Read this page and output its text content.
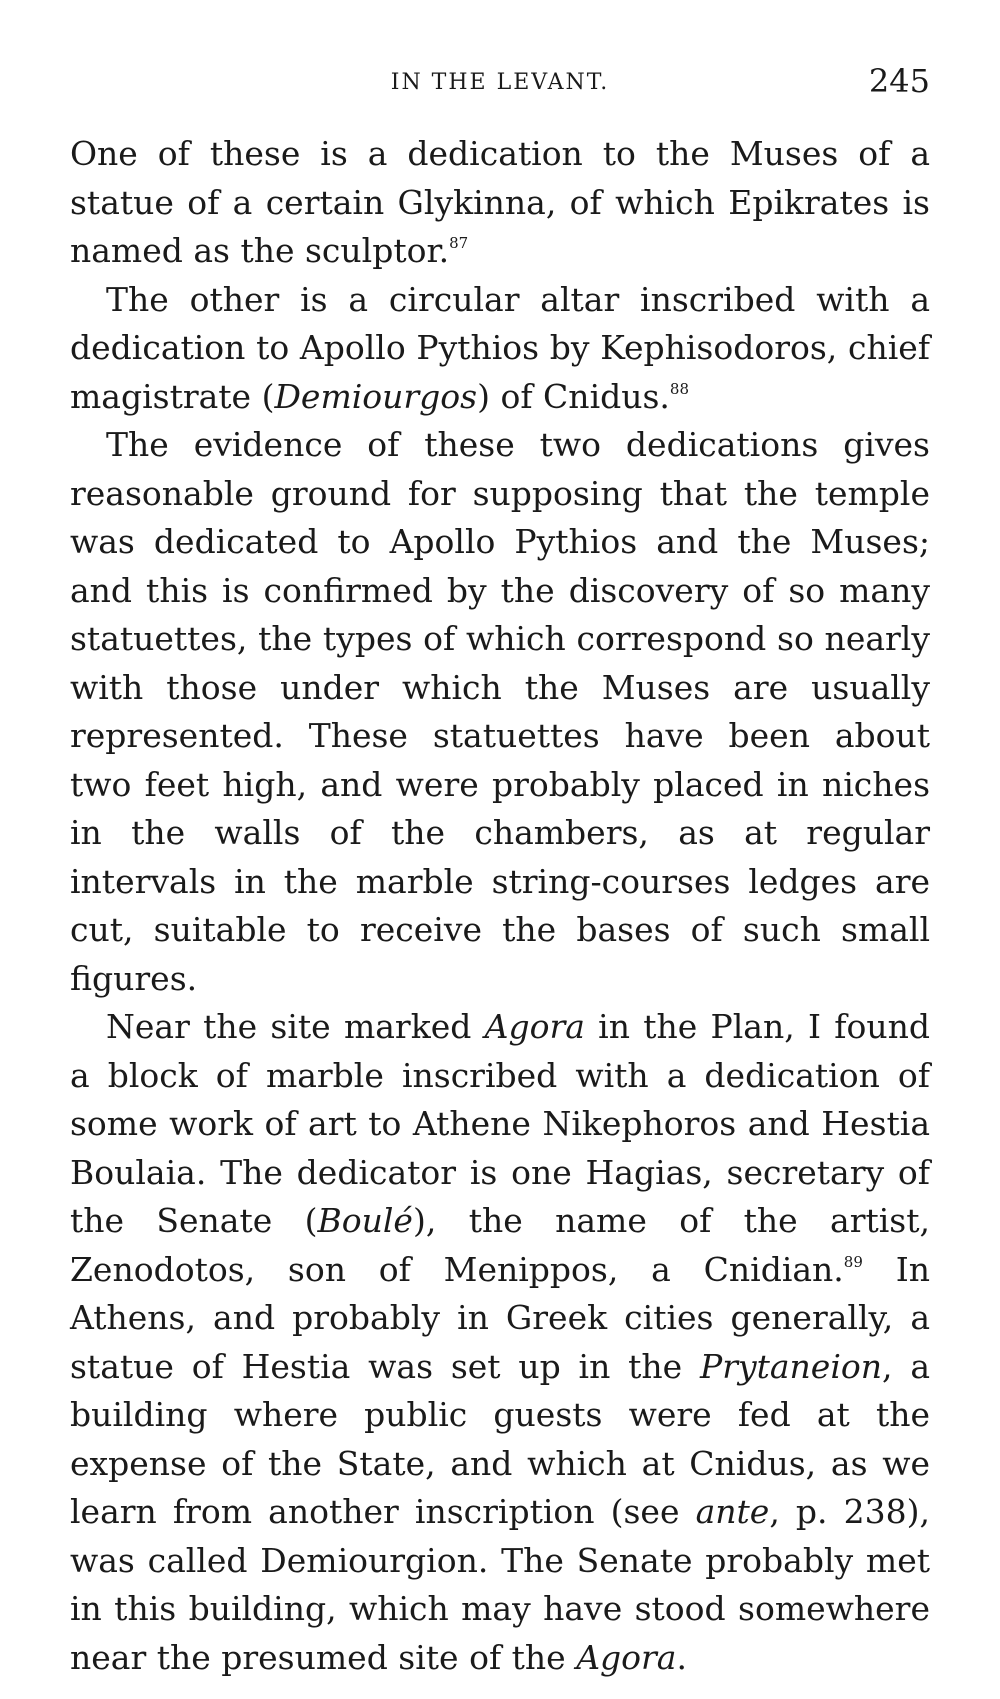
IN THE LEVANT.	245

One of these is a dedication to the Muses of a statue of a certain Glykinna, of which Epikrates is named as the sculptor.$^{87}$

The other is a circular altar inscribed with a dedication to Apollo Pythios by Kephisodoros, chief magistrate (Demiourgos) of Cnidus.$^{88}$

The evidence of these two dedications gives reasonable ground for supposing that the temple was dedicated to Apollo Pythios and the Muses; and this is confirmed by the discovery of so many statuettes, the types of which correspond so nearly with those under which the Muses are usually represented. These statuettes have been about two feet high, and were probably placed in niches in the walls of the chambers, as at regular intervals in the marble string-courses ledges are cut, suitable to receive the bases of such small figures.

Near the site marked Agora in the Plan, I found a block of marble inscribed with a dedication of some work of art to Athene Nikephoros and Hestia Boulaia. The dedicator is one Hagias, secretary of the Senate (Boulé), the name of the artist, Zenodotos, son of Menippos, a Cnidian.$^{89}$ In Athens, and probably in Greek cities generally, a statue of Hestia was set up in the Prytaneion, a building where public guests were fed at the expense of the State, and which at Cnidus, as we learn from another inscription (see ante, p. 238), was called Demiourgion. The Senate probably met in this building, which may have stood somewhere near the presumed site of the Agora.
